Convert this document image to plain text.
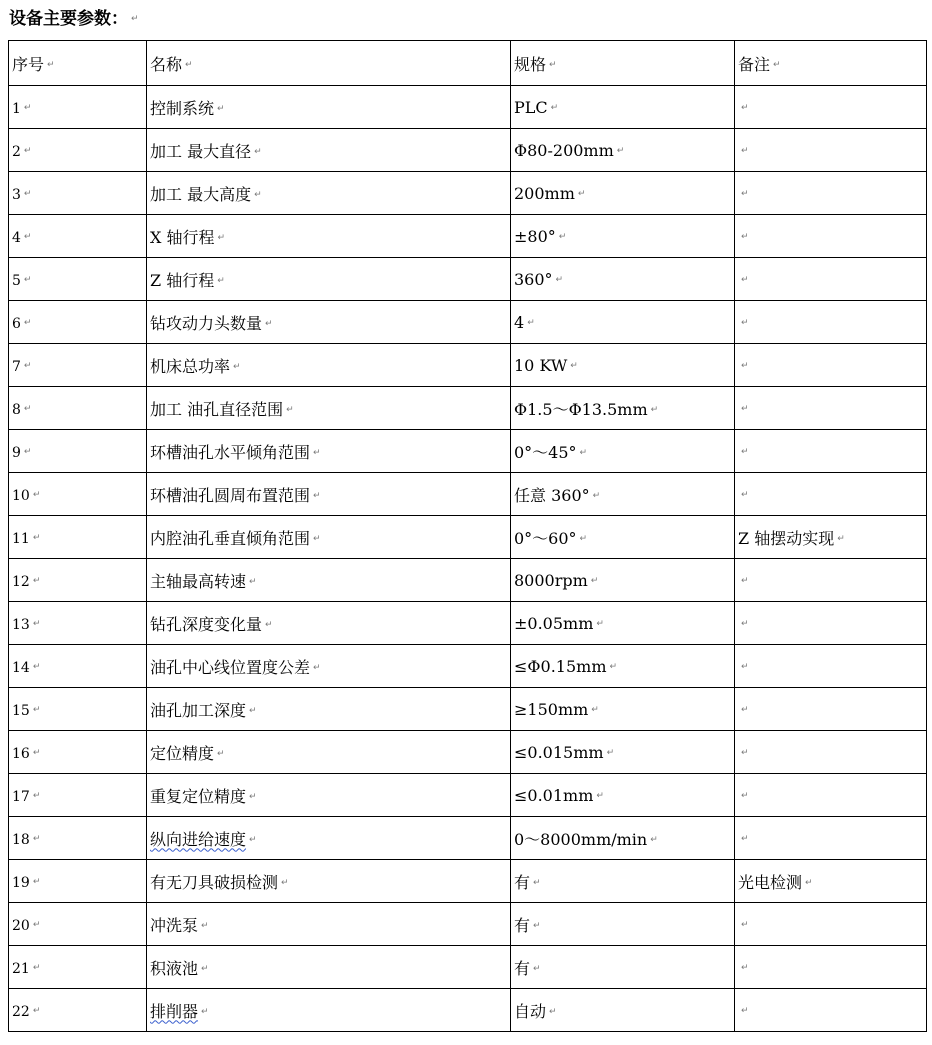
设备主要参数： ↵
序号 ↵	名称 ↵	规格 ↵	备注 ↵
1 ↵	控制系统 ↵	PLC ↵	↵
2 ↵	加工 最大直径 ↵	Φ80-200mm ↵	↵
3 ↵	加工 最大高度 ↵	200mm ↵	↵
4 ↵	X 轴行程 ↵	±80° ↵	↵
5 ↵	Z 轴行程 ↵	360° ↵	↵
6 ↵	钻攻动力头数量 ↵	4 ↵	↵
7 ↵	机床总功率 ↵	10 KW ↵	↵
8 ↵	加工 油孔直径范围 ↵	Φ1.5～Φ13.5mm ↵	↵
9 ↵	环槽油孔水平倾角范围 ↵	0°～45° ↵	↵
10 ↵	环槽油孔圆周布置范围 ↵	任意 360° ↵	↵
11 ↵	内腔油孔垂直倾角范围 ↵	0°～60° ↵	Z 轴摆动实现 ↵
12 ↵	主轴最高转速 ↵	8000rpm ↵	↵
13 ↵	钻孔深度变化量 ↵	±0.05mm ↵	↵
14 ↵	油孔中心线位置度公差 ↵	≤Φ0.15mm ↵	↵
15 ↵	油孔加工深度 ↵	≥150mm ↵	↵
16 ↵	定位精度 ↵	≤0.015mm ↵	↵
17 ↵	重复定位精度 ↵	≤0.01mm ↵	↵
18 ↵	纵向进给速度 ↵	0～8000mm/min ↵	↵
19 ↵	有无刀具破损检测 ↵	有 ↵	光电检测 ↵
20 ↵	冲洗泵 ↵	有 ↵	↵
21 ↵	积液池 ↵	有 ↵	↵
22 ↵	排削器 ↵	自动 ↵	↵
